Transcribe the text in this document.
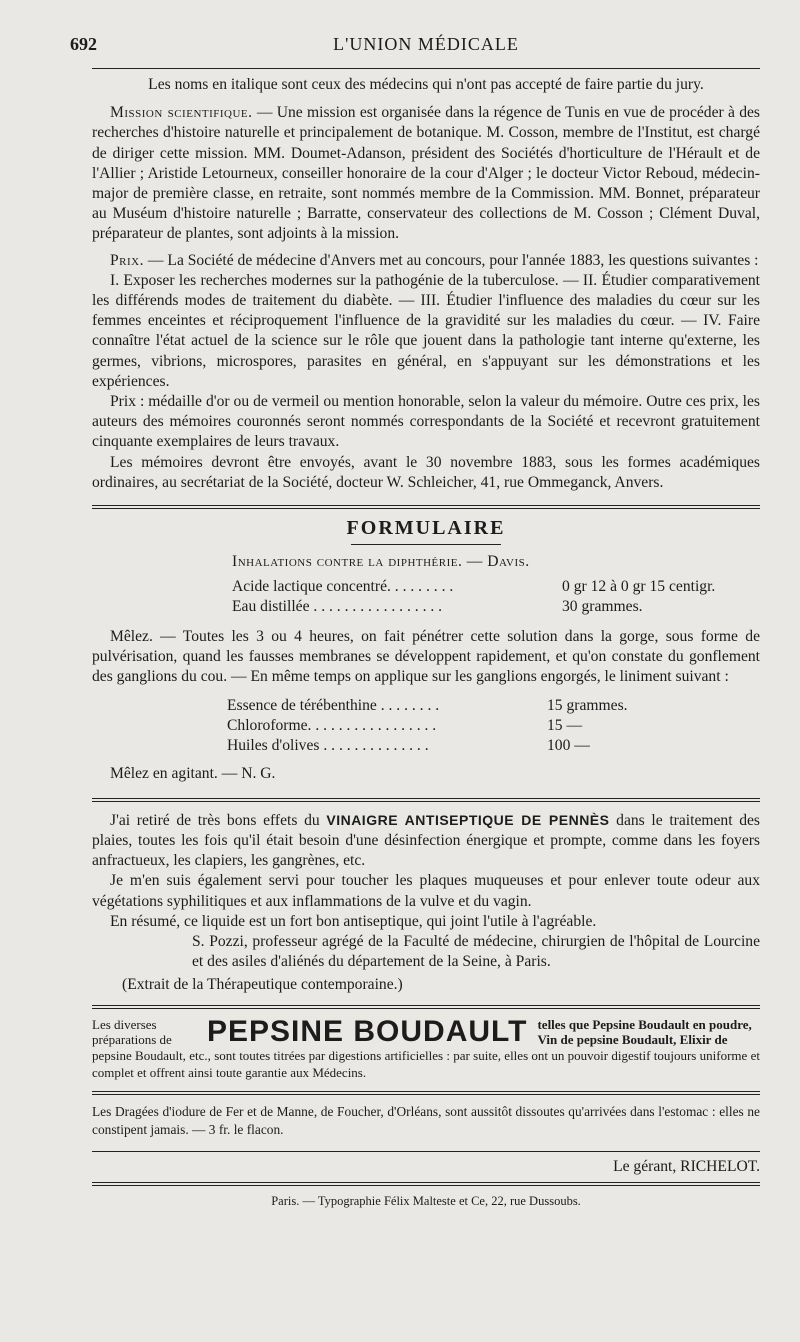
692	L'UNION MÉDICALE

Les noms en italique sont ceux des médecins qui n'ont pas accepté de faire partie du jury.

Mission scientifique. — Une mission est organisée dans la régence de Tunis en vue de procéder à des recherches d'histoire naturelle et principalement de botanique. M. Cosson, membre de l'Institut, est chargé de diriger cette mission. MM. Doumet-Adanson, président des Sociétés d'horticulture de l'Hérault et de l'Allier ; Aristide Letourneux, conseiller honoraire de la cour d'Alger ; le docteur Victor Reboud, médecin-major de première classe, en retraite, sont nommés membre de la Commission. MM. Bonnet, préparateur au Muséum d'histoire naturelle ; Barratte, conservateur des collections de M. Cosson ; Clément Duval, préparateur de plantes, sont adjoints à la mission.

Prix. — La Société de médecine d'Anvers met au concours, pour l'année 1883, les questions suivantes :

I. Exposer les recherches modernes sur la pathogénie de la tuberculose. — II. Étudier comparativement les différends modes de traitement du diabète. — III. Étudier l'influence des maladies du cœur sur les femmes enceintes et réciproquement l'influence de la gravidité sur les maladies du cœur. — IV. Faire connaître l'état actuel de la science sur le rôle que jouent dans la pathologie tant interne qu'externe, les germes, vibrions, microspores, parasites en général, en s'appuyant sur les démonstrations et les expériences.

Prix : médaille d'or ou de vermeil ou mention honorable, selon la valeur du mémoire. Outre ces prix, les auteurs des mémoires couronnés seront nommés correspondants de la Société et recevront gratuitement cinquante exemplaires de leurs travaux.

Les mémoires devront être envoyés, avant le 30 novembre 1883, sous les formes académiques ordinaires, au secrétariat de la Société, docteur W. Schleicher, 41, rue Ommeganck, Anvers.

FORMULAIRE
Inhalations contre la diphthérie. — Davis.
Acide lactique concentré. . . . . . . . .	0 gr 12 à 0 gr 15 centigr.
Eau distillée . . . . . . . . . . . . . . . . .	30 grammes.

Mêlez. — Toutes les 3 ou 4 heures, on fait pénétrer cette solution dans la gorge, sous forme de pulvérisation, quand les fausses membranes se développent rapidement, et qu'on constate du gonflement des ganglions du cou. — En même temps on applique sur les ganglions engorgés, le liniment suivant :

Essence de térébenthine . . . . . . . .	15 grammes.
Chloroforme. . . . . . . . . . . . . . . . .	15 —
Huiles d'olives . . . . . . . . . . . . . .	100 —

Mêlez en agitant. — N. G.

J'ai retiré de très bons effets du VINAIGRE ANTISEPTIQUE DE PENNÈS dans le traitement des plaies, toutes les fois qu'il était besoin d'une désinfection énergique et prompte, comme dans les foyers anfractueux, les clapiers, les gangrènes, etc.

Je m'en suis également servi pour toucher les plaques muqueuses et pour enlever toute odeur aux végétations syphilitiques et aux inflammations de la vulve et du vagin.

En résumé, ce liquide est un fort bon antiseptique, qui joint l'utile à l'agréable.

S. Pozzi, professeur agrégé de la Faculté de médecine, chirurgien de l'hôpital de Lourcine et des asiles d'aliénés du département de la Seine, à Paris.

(Extrait de la Thérapeutique contemporaine.)

Les diverses préparations de	PEPSINE BOUDAULT telles que Pepsine Boudault en poudre, Vin de pepsine Boudault, Elixir de

pepsine Boudault, etc., sont toutes titrées par digestions artificielles : par suite, elles ont un pouvoir digestif toujours uniforme et complet et offrent ainsi toute garantie aux Médecins.

Les Dragées d'iodure de Fer et de Manne, de Foucher, d'Orléans, sont aussitôt dissoutes qu'arrivées dans l'estomac : elles ne constipent jamais. — 3 fr. le flacon.

Le gérant, RICHELOT.
Paris. — Typographie Félix Malteste et Ce, 22, rue Dussoubs.
